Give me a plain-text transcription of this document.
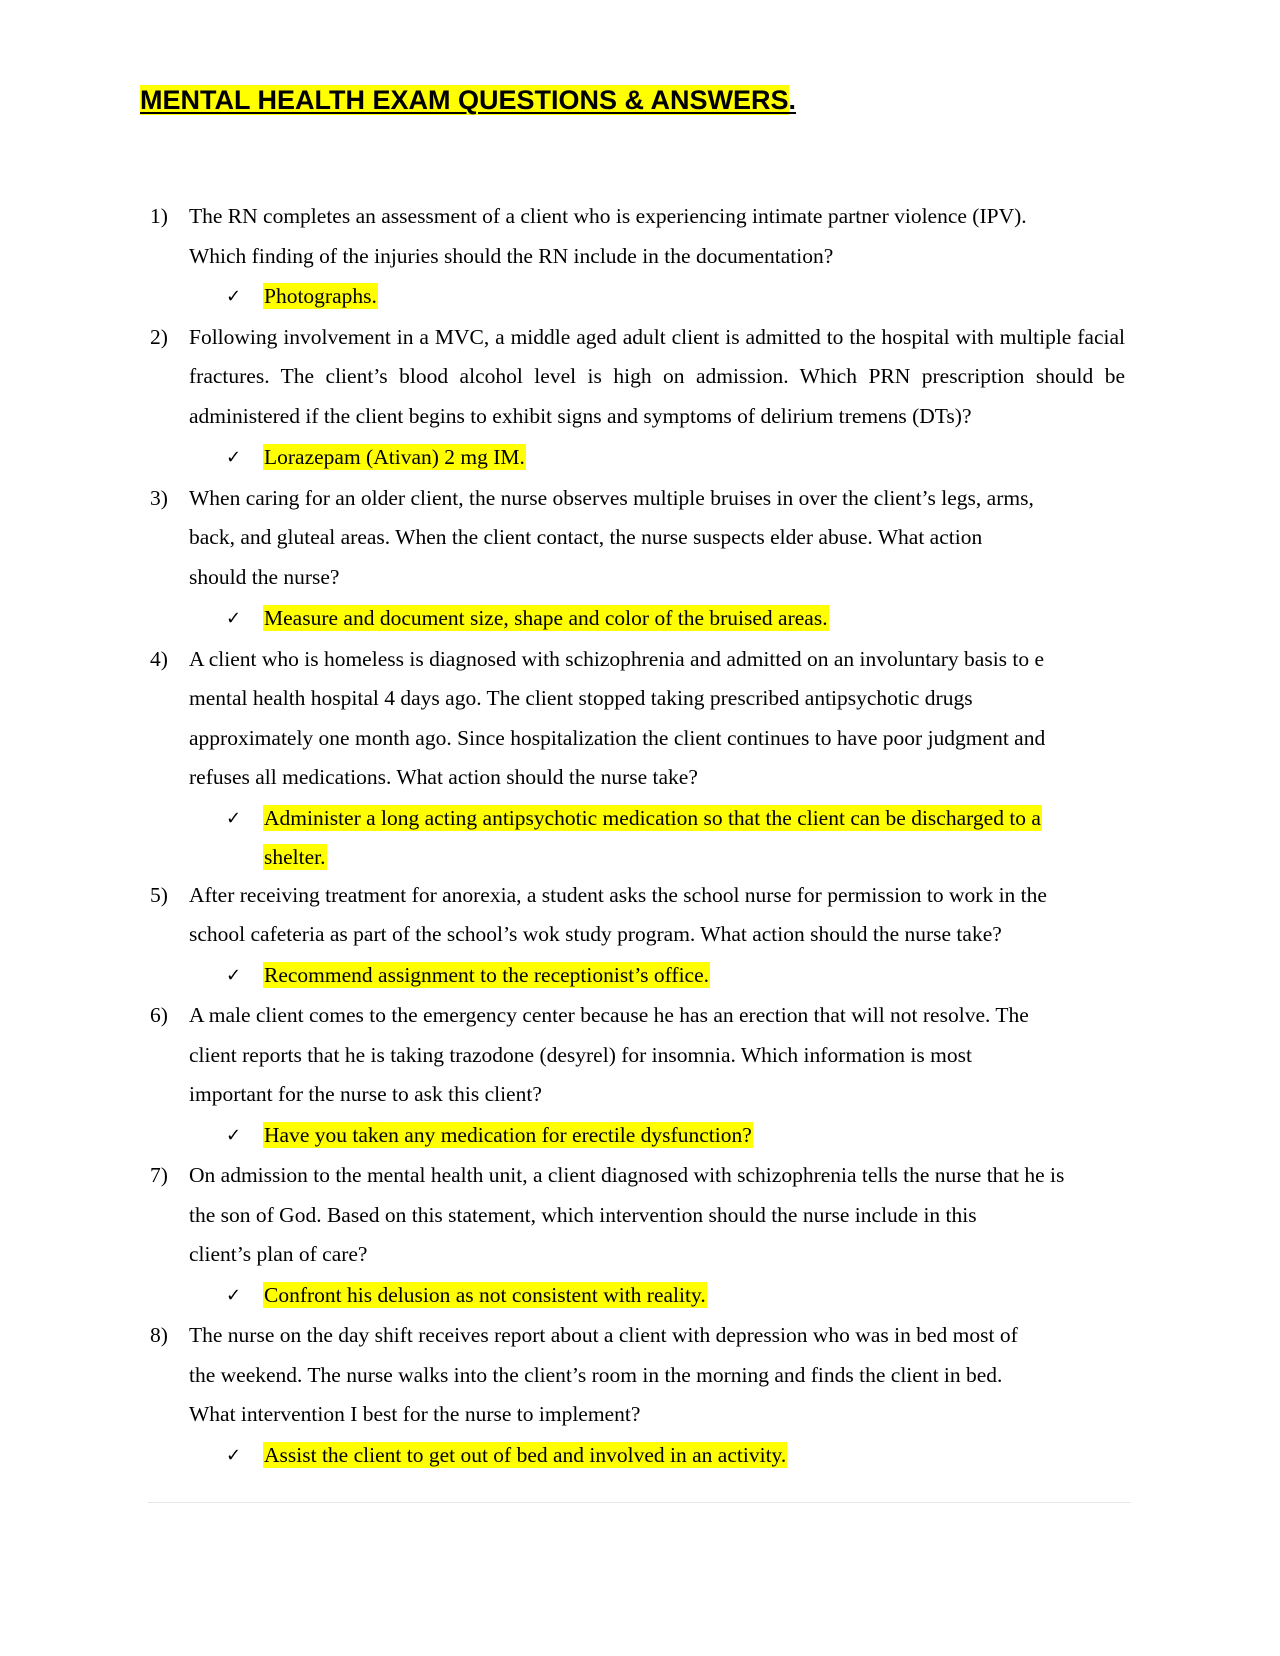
MENTAL HEALTH EXAM QUESTIONS & ANSWERS.
1) The RN completes an assessment of a client who is experiencing intimate partner violence (IPV).
Which finding of the injuries should the RN include in the documentation?

✓ Photographs.
2) Following involvement in a MVC, a middle aged adult client is admitted to the hospital with multiple facial fractures. The client’s blood alcohol level is high on admission. Which PRN prescription should be administered if the client begins to exhibit signs and symptoms of delirium tremens (DTs)?

✓ Lorazepam (Ativan) 2 mg IM.
3) When caring for an older client, the nurse observes multiple bruises in over the client’s legs, arms,
back, and gluteal areas. When the client contact, the nurse suspects elder abuse. What action
should the nurse?

✓ Measure and document size, shape and color of the bruised areas.
4) A client who is homeless is diagnosed with schizophrenia and admitted on an involuntary basis to e
mental health hospital 4 days ago. The client stopped taking prescribed antipsychotic drugs
approximately one month ago. Since hospitalization the client continues to have poor judgment and
refuses all medications. What action should the nurse take?

✓ Administer a long acting antipsychotic medication so that the client can be discharged to a
shelter.
5) After receiving treatment for anorexia, a student asks the school nurse for permission to work in the
school cafeteria as part of the school’s wok study program. What action should the nurse take?

✓ Recommend assignment to the receptionist’s office.
6) A male client comes to the emergency center because he has an erection that will not resolve. The
client reports that he is taking trazodone (desyrel) for insomnia. Which information is most
important for the nurse to ask this client?

✓ Have you taken any medication for erectile dysfunction?
7) On admission to the mental health unit, a client diagnosed with schizophrenia tells the nurse that he is
the son of God. Based on this statement, which intervention should the nurse include in this
client’s plan of care?

✓ Confront his delusion as not consistent with reality.
8) The nurse on the day shift receives report about a client with depression who was in bed most of
the weekend. The nurse walks into the client’s room in the morning and finds the client in bed.
What intervention I best for the nurse to implement?

✓ Assist the client to get out of bed and involved in an activity.
